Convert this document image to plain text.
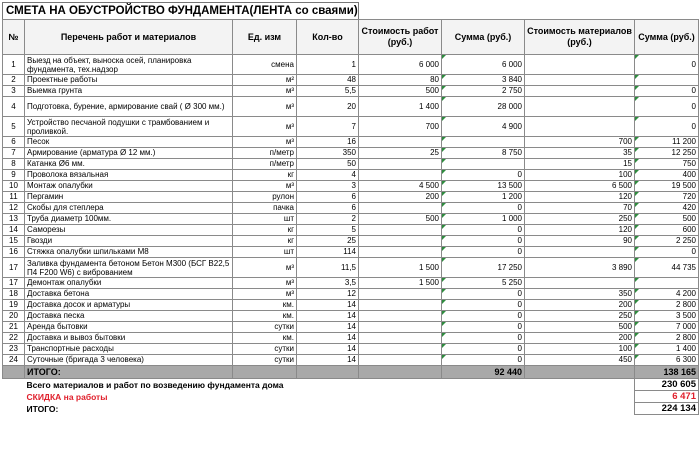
СМЕТА НА ОБУСТРОЙСТВО ФУНДАМЕНТА(ЛЕНТА со сваями)
№	Перечень работ и материалов	Ед. изм	Кол-во	Стоимость работ (руб.)	Сумма (руб.)	Стоимость материалов (руб.)	Сумма (руб.)
1	Выезд на объект, выноска осей, планировка фундамента, тех.надзор	смена	1	6 000	6 000		0
2	Проектные работы	м²	48	80	3 840		
3	Выемка грунта	м³	5,5	500	2 750		0
4	Подготовка, бурение, армирование свай ( Ø 300 мм.)	м³	20	1 400	28 000		0
5	Устройство песчаной подушки с трамбованием и проливкой.	м³	7	700	4 900		0
6	Песок	м³	16			700	11 200
7	Армирование (арматура Ø 12 мм.)	п/метр	350	25	8 750	35	12 250
8	Катанка Ø6 мм.	п/метр	50			15	750
9	Проволока вязальная	кг	4		0	100	400
10	Монтаж опалубки	м³	3	4 500	13 500	6 500	19 500
11	Пергамин	рулон	6	200	1 200	120	720
12	Скобы для степлера	пачка	6		0	70	420
13	Труба диаметр 100мм.	шт	2	500	1 000	250	500
14	Саморезы	кг	5		0	120	600
15	Гвозди	кг	25		0	90	2 250
16	Стяжка опалубки шпильками М8	шт	114		0		0
17	Заливка фундамента бетоном Бетон М300 (БСГ В22,5 П4 F200 W6) с виброванием	м³	11,5	1 500	17 250	3 890	44 735
17	Демонтаж опалубки	м³	3,5	1 500	5 250		
18	Доставка бетона	м³	12		0	350	4 200
19	Доставка досок и арматуры	км.	14		0	200	2 800
20	Доставка песка	км.	14		0	250	3 500
21	Аренда бытовки	сутки	14		0	500	7 000
22	Доставка и вывоз бытовки	км.	14		0	200	2 800
23	Транспортные расходы	сутки	14		0	100	1 400
24	Суточные (бригада 3 человека)	сутки	14		0	450	6 300
	ИТОГО:				92 440		138 165
	Всего материалов и работ по возведению фундамента дома						230 605
	СКИДКА на работы						6 471
	ИТОГО:						224 134
